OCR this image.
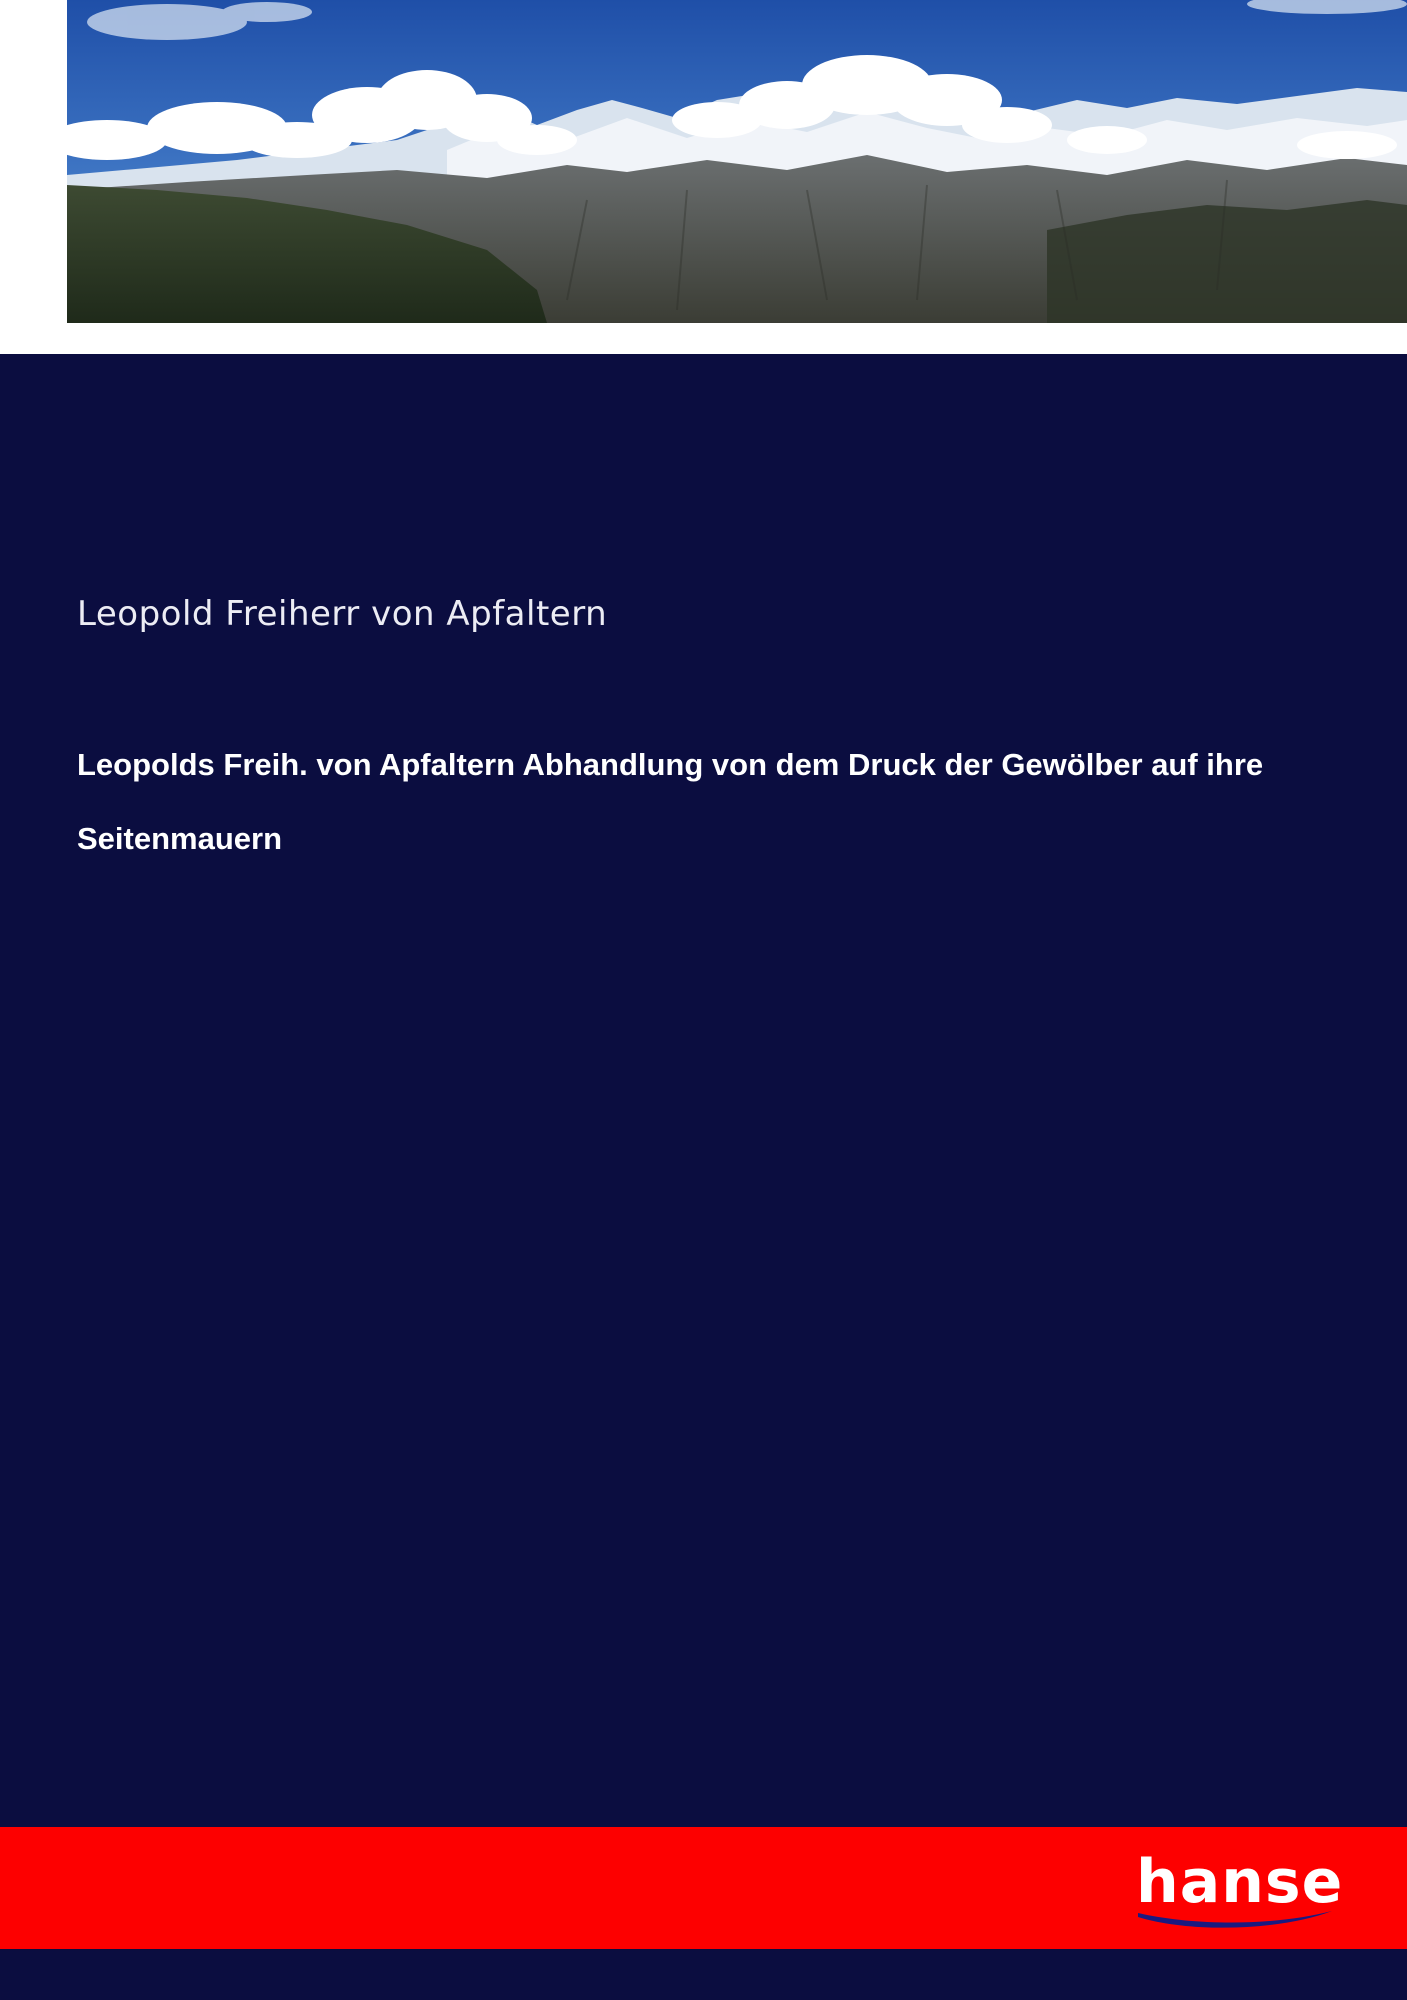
Leopold Freiherr von Apfaltern
Leopolds Freih. von Apfaltern Abhandlung von dem Druck der Gewölber auf ihre Seitenmauern
hanse
